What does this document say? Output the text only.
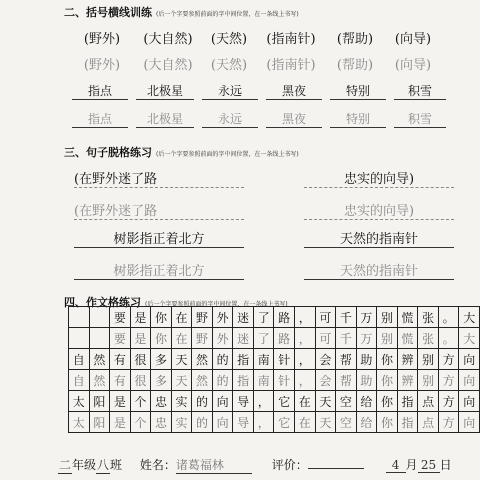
二、括号横线训练 (后一个字要参照前面的字中间位置，在一条线上书写)
(野外)	(大自然)	(天然)	(指南针)	(帮助)	(向导)
(野外)	(大自然)	(天然)	(指南针)	(帮助)	(向导)
指点	北极星	永远	黑夜	特别	积雪
指点	北极星	永远	黑夜	特别	积雪
三、句子脱格练习 (后一个字要参照前面的字中间位置，在一条线上书写)
(在野外迷了路	忠实的向导)
(在野外迷了路	忠实的向导)
树影指正着北方	天然的指南针
树影指正着北方	天然的指南针
四、作文格练习 (后一个字要参照前面的字中间位置，在一条线上书写)
		要	是	你	在	野	外	迷	了	路	，	可	千	万	别	慌	张	。	大
		要	是	你	在	野	外	迷	了	路	，	可	千	万	别	慌	张	。	大
自	然	有	很	多	天	然	的	指	南	针	，	会	帮	助	你	辨	别	方	向
自	然	有	很	多	天	然	的	指	南	针	，	会	帮	助	你	辨	别	方	向
太	阳	是	个	忠	实	的	向	导	，	它	在	天	空	给	你	指	点	方	向
太	阳	是	个	忠	实	的	向	导	，	它	在	天	空	给	你	指	点	方	向
二年级八班 姓名：诸葛福林	评价：	4 月 25 日
